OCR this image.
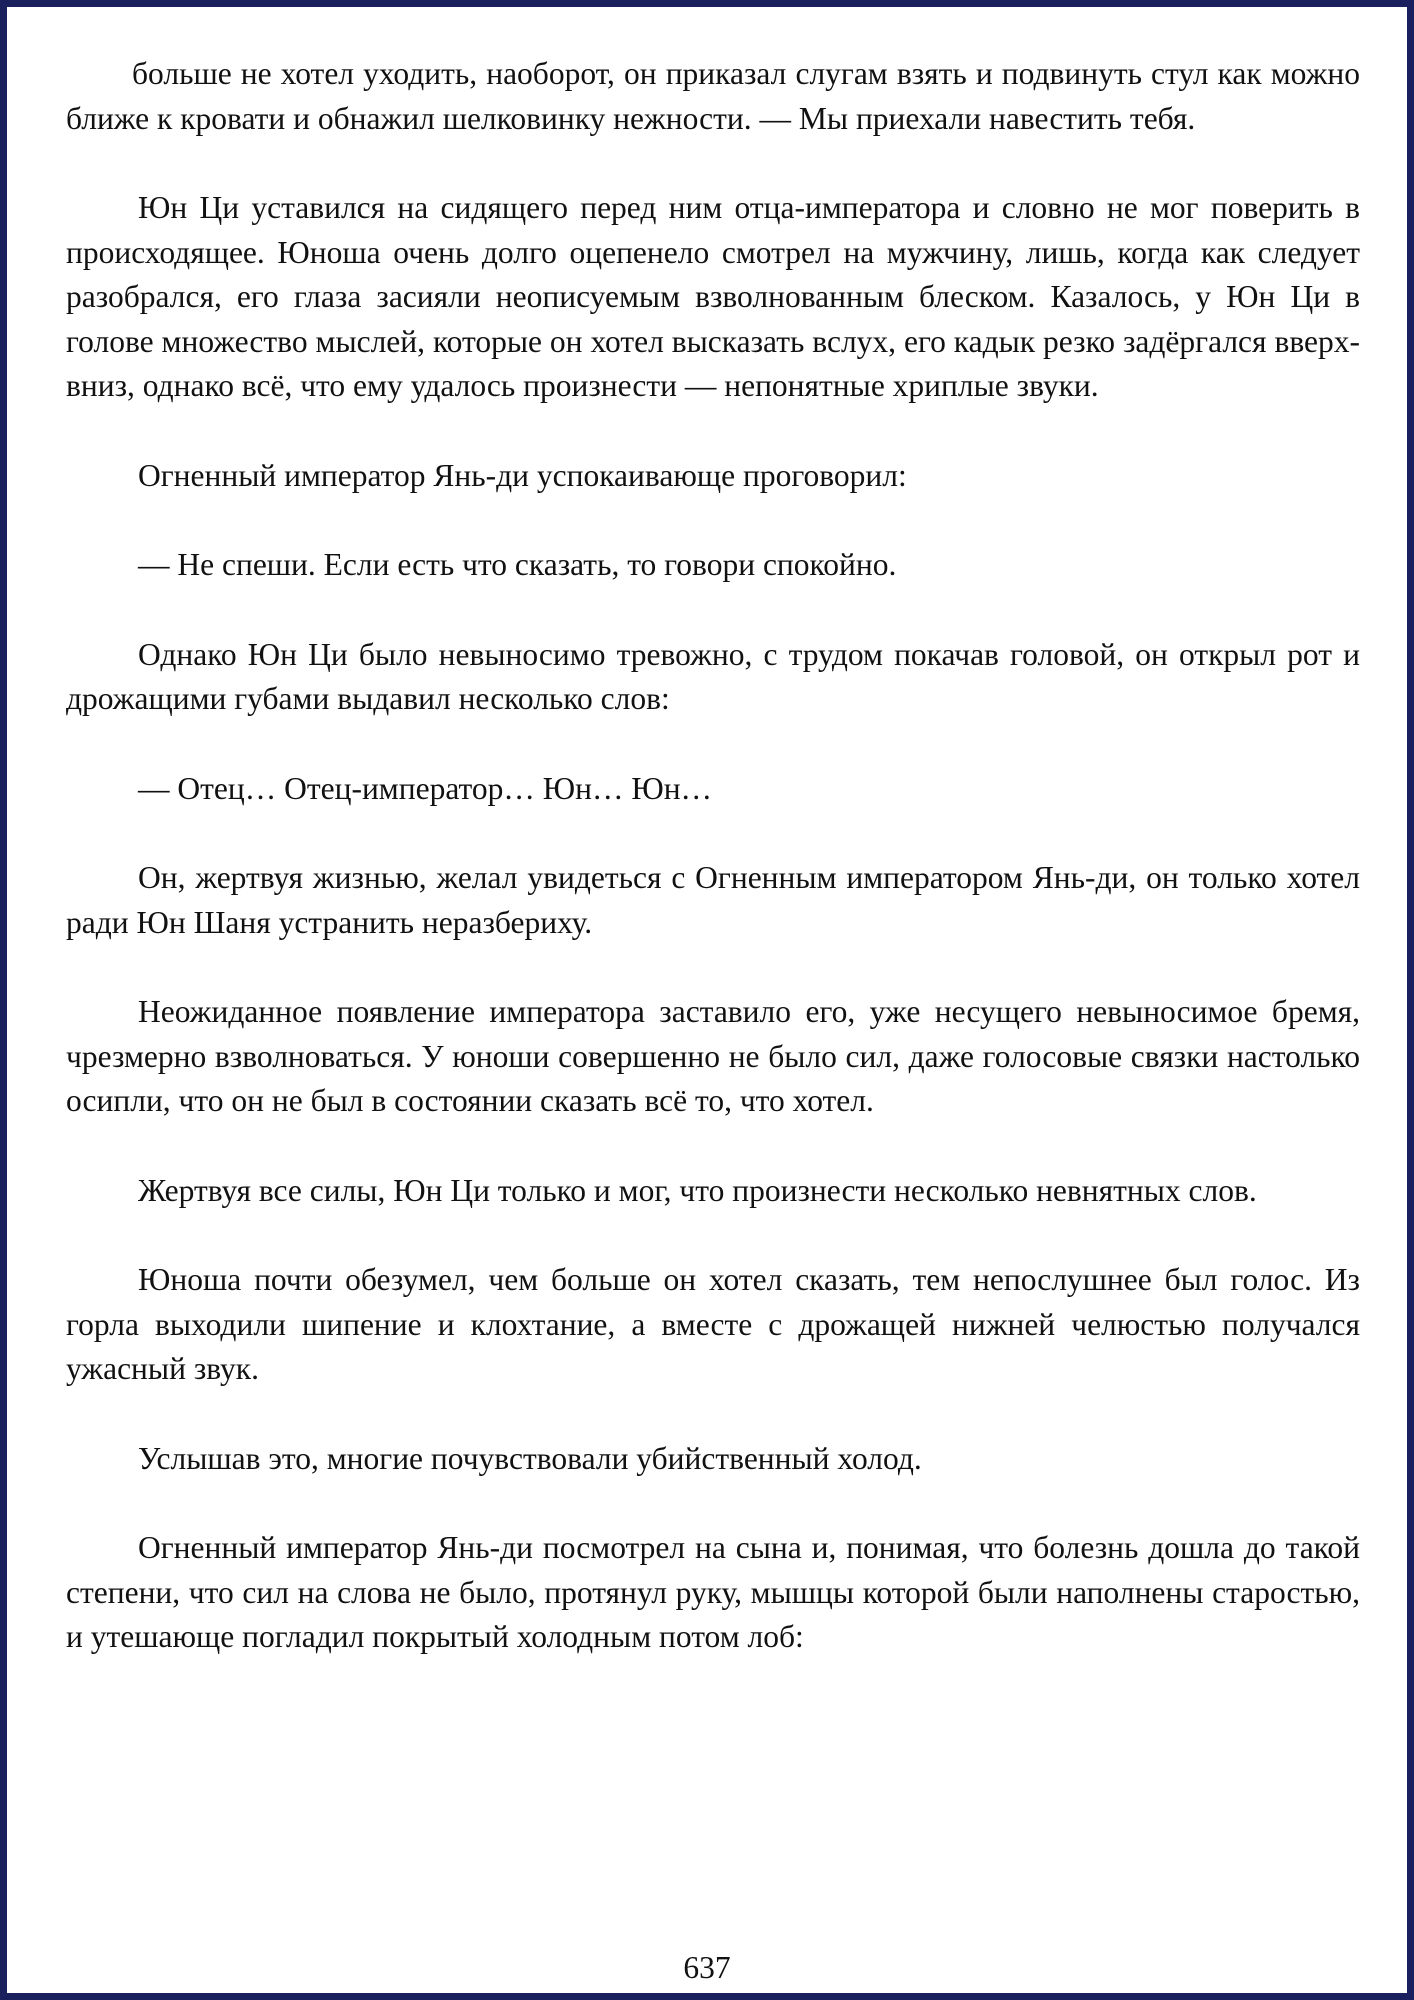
больше не хотел уходить, наоборот, он приказал слугам взять и подвинуть стул как можно ближе к кровати и обнажил шелковинку нежности. — Мы приехали навестить тебя.

Юн Ци уставился на сидящего перед ним отца-императора и словно не мог поверить в происходящее. Юноша очень долго оцепенело смотрел на мужчину, лишь, когда как следует разобрался, его глаза засияли неописуемым взволнованным блеском. Казалось, у Юн Ци в голове множество мыслей, которые он хотел высказать вслух, его кадык резко задёргался вверх-вниз, однако всё, что ему удалось произнести — непонятные хриплые звуки.

Огненный император Янь-ди успокаивающе проговорил:

— Не спеши. Если есть что сказать, то говори спокойно.

Однако Юн Ци было невыносимо тревожно, с трудом покачав головой, он открыл рот и дрожащими губами выдавил несколько слов:

— Отец… Отец-император… Юн… Юн…

Он, жертвуя жизнью, желал увидеться с Огненным императором Янь-ди, он только хотел ради Юн Шаня устранить неразбериху.

Неожиданное появление императора заставило его, уже несущего невыносимое бремя, чрезмерно взволноваться. У юноши совершенно не было сил, даже голосовые связки настолько осипли, что он не был в состоянии сказать всё то, что хотел.

Жертвуя все силы, Юн Ци только и мог, что произнести несколько невнятных слов.

Юноша почти обезумел, чем больше он хотел сказать, тем непослушнее был голос. Из горла выходили шипение и клохтание, а вместе с дрожащей нижней челюстью получался ужасный звук.

Услышав это, многие почувствовали убийственный холод.

Огненный император Янь-ди посмотрел на сына и, понимая, что болезнь дошла до такой степени, что сил на слова не было, протянул руку, мышцы которой были наполнены старостью, и утешающе погладил покрытый холодным потом лоб:

637
